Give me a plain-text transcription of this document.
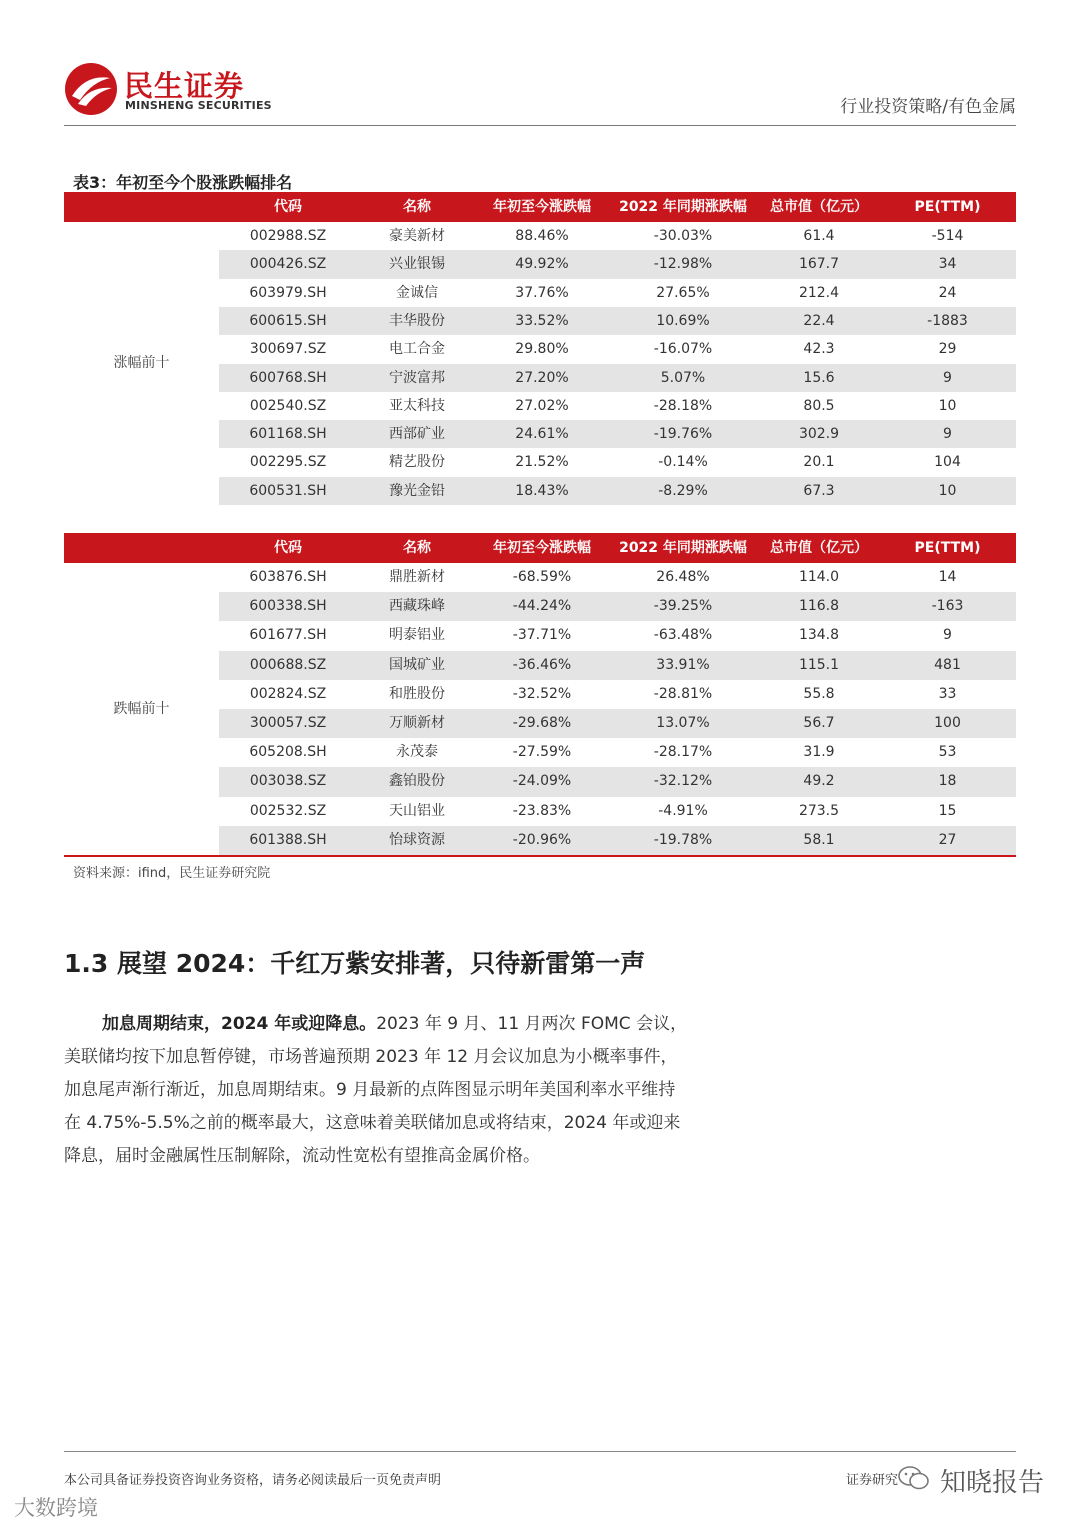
民生证券
MINSHENG SECURITIES	行业投资策略/有色金属
表3：年初至今个股涨跌幅排名
代码	名称	年初至今涨跌幅	2022 年同期涨跌幅	总市值（亿元）	PE(TTM)
涨幅前十
002988.SZ	豪美新材	88.46%	-30.03%	61.4	-514
000426.SZ	兴业银锡	49.92%	-12.98%	167.7	34
603979.SH	金诚信	37.76%	27.65%	212.4	24
600615.SH	丰华股份	33.52%	10.69%	22.4	-1883
300697.SZ	电工合金	29.80%	-16.07%	42.3	29
600768.SH	宁波富邦	27.20%	5.07%	15.6	9
002540.SZ	亚太科技	27.02%	-28.18%	80.5	10
601168.SH	西部矿业	24.61%	-19.76%	302.9	9
002295.SZ	精艺股份	21.52%	-0.14%	20.1	104
600531.SH	豫光金铅	18.43%	-8.29%	67.3	10
代码	名称	年初至今涨跌幅	2022 年同期涨跌幅	总市值（亿元）	PE(TTM)
跌幅前十
603876.SH	鼎胜新材	-68.59%	26.48%	114.0	14
600338.SH	西藏珠峰	-44.24%	-39.25%	116.8	-163
601677.SH	明泰铝业	-37.71%	-63.48%	134.8	9
000688.SZ	国城矿业	-36.46%	33.91%	115.1	481
002824.SZ	和胜股份	-32.52%	-28.81%	55.8	33
300057.SZ	万顺新材	-29.68%	13.07%	56.7	100
605208.SH	永茂泰	-27.59%	-28.17%	31.9	53
003038.SZ	鑫铂股份	-24.09%	-32.12%	49.2	18
002532.SZ	天山铝业	-23.83%	-4.91%	273.5	15
601388.SH	怡球资源	-20.96%	-19.78%	58.1	27
资料来源：ifind，民生证券研究院
1.3 展望 2024：千红万紫安排著，只待新雷第一声
加息周期结束，2024 年或迎降息。2023 年 9 月、11 月两次 FOMC 会议，
美联储均按下加息暂停键，市场普遍预期 2023 年 12 月会议加息为小概率事件，
加息尾声渐行渐近，加息周期结束。9 月最新的点阵图显示明年美国利率水平维持
在 4.75%-5.5%之前的概率最大，这意味着美联储加息或将结束，2024 年或迎来
降息，届时金融属性压制解除，流动性宽松有望推高金属价格。
本公司具备证券投资咨询业务资格，请务必阅读最后一页免责声明	证券研究 知晓报告
大数跨境
